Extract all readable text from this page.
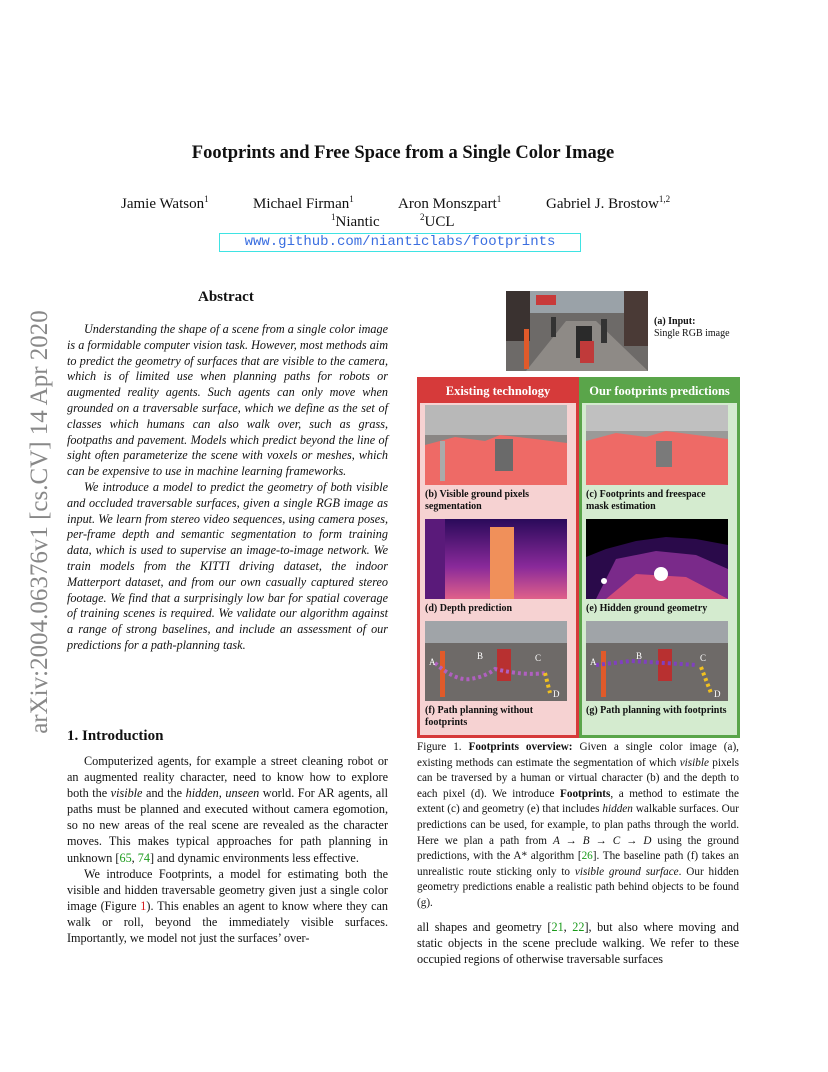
arXiv:2004.06376v1 [cs.CV] 14 Apr 2020
Footprints and Free Space from a Single Color Image
Jamie Watson$^1$	Michael Firman$^1$	Aron Monszpart$^1$	Gabriel J. Brostow$^{1,2}$
$^1$Niantic	$^2$UCL
www.github.com/nianticlabs/footprints
Abstract

Understanding the shape of a scene from a single color image is a formidable computer vision task. However, most methods aim to predict the geometry of surfaces that are visible to the camera, which is of limited use when planning paths for robots or augmented reality agents. Such agents can only move when grounded on a traversable surface, which we define as the set of classes which humans can also walk over, such as grass, footpaths and pavement. Models which predict beyond the line of sight often parameterize the scene with voxels or meshes, which can be expensive to use in machine learning frameworks.

We introduce a model to predict the geometry of both visible and occluded traversable surfaces, given a single RGB image as input. We learn from stereo video sequences, using camera poses, per-frame depth and semantic segmentation to form training data, which is used to supervise an image-to-image network. We train models from the KITTI driving dataset, the indoor Matterport dataset, and from our own casually captured stereo footage. We find that a surprisingly low bar for spatial coverage of training scenes is required. We validate our algorithm against a range of strong baselines, and include an assessment of our predictions for a path-planning task.

1. Introduction

Computerized agents, for example a street cleaning robot or an augmented reality character, need to know how to explore both the visible and the hidden, unseen world. For AR agents, all paths must be planned and executed without camera egomotion, so no new areas of the real scene are revealed as the character moves. This makes typical approaches for path planning in unknown [65, 74] and dynamic environments less effective.

We introduce Footprints, a model for estimating both the visible and hidden traversable geometry given just a single color image (Figure 1). This enables an agent to know where they can walk or roll, beyond the immediately visible surfaces. Importantly, we model not just the surfaces’ over-

(a) Input:
Single RGB image
Existing technology	Our footprints predictions
(b) Visible ground pixels segmentation
(c) Footprints and freespace mask estimation
(d) Depth prediction	(e) Hidden ground geometry
A
B	C
D
(f) Path planning without footprints
A
B	C
D
(g) Path planning with footprints
Figure 1. Footprints overview: Given a single color image (a), existing methods can estimate the segmentation of which visible pixels can be traversed by a human or virtual character (b) and the depth to each pixel (d). We introduce Footprints, a method to estimate the extent (c) and geometry (e) that includes hidden walkable surfaces. Our predictions can be used, for example, to plan paths through the world. Here we plan a path from A → B → C → D using the ground predictions, with the A* algorithm [26]. The baseline path (f) takes an unrealistic route sticking only to visible ground surface. Our hidden geometry predictions enable a realistic path behind objects to be found (g).
all shapes and geometry [21, 22], but also where moving and static objects in the scene preclude walking. We refer to these occupied regions of otherwise traversable surfaces
